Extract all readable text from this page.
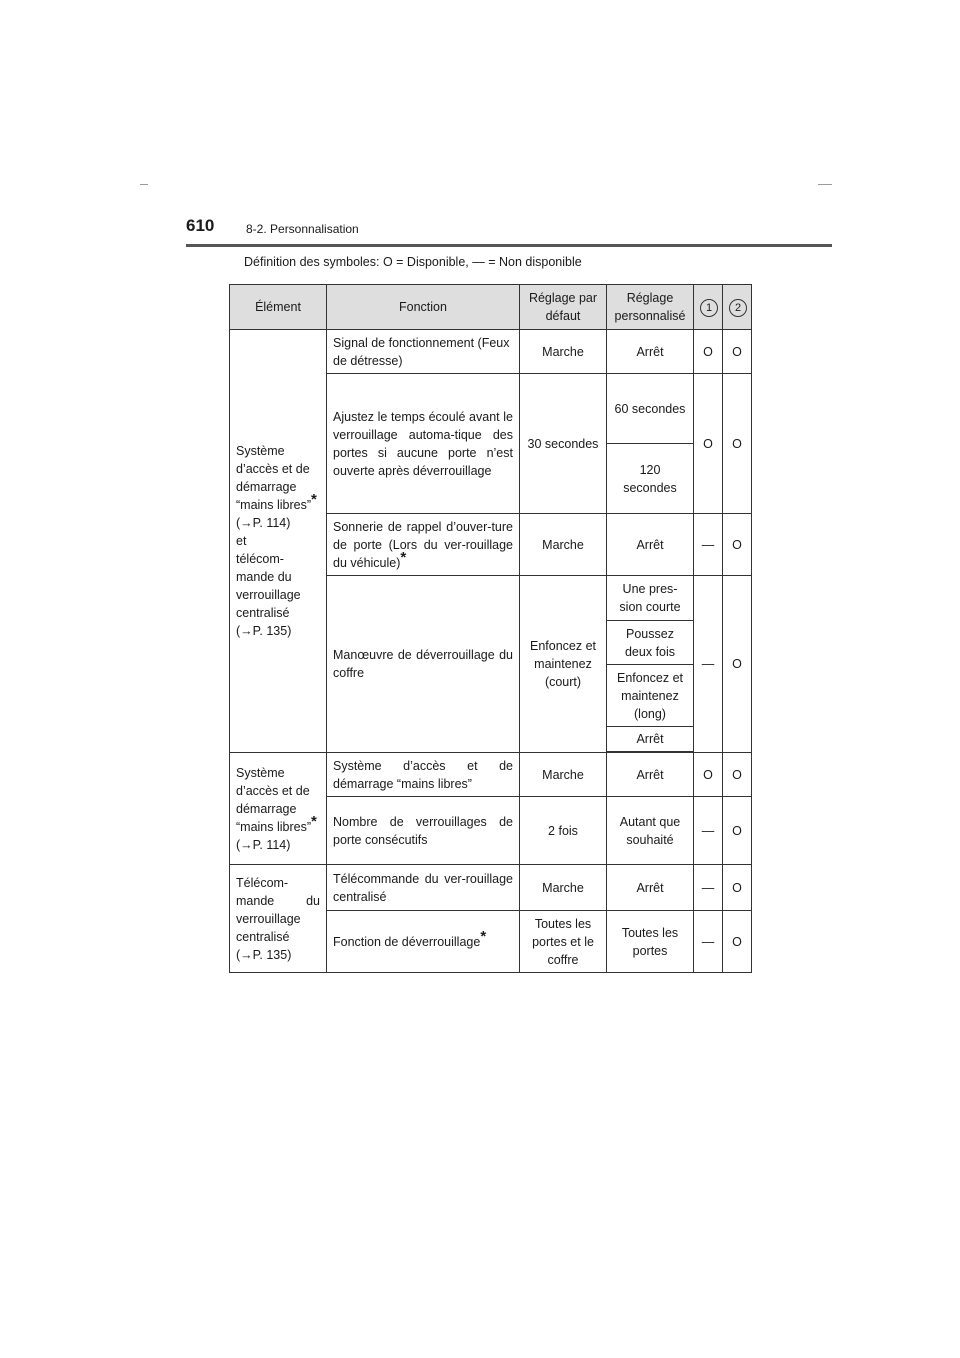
610	8-2. Personnalisation
Définition des symboles: O = Disponible, — = Non disponible
Élément	Fonction	Réglage par défaut	Réglage personnalisé	1	2
Système d’accès et de démarrage “mains libres”*
(→P. 114)
et
télécom-mande du verrouillage centralisé
(→P. 135)	Signal de fonctionnement (Feux de détresse)	Marche	Arrêt	O	O
	Ajustez le temps écoulé avant le verrouillage automa-tique des portes si aucune porte n’est ouverte après déverrouillage	30 secondes	60 secondes	O	O
			120 secondes		
	Sonnerie de rappel d’ouver-ture de porte (Lors du ver-rouillage du véhicule)*	Marche	Arrêt	—	O
	Manœuvre de déverrouillage du coffre	Enfoncez et maintenez (court)	Une pres-sion courte	—	O
			Poussez deux fois		
			Enfoncez et maintenez (long)		
			Arrêt		

Système d’accès et de démarrage “mains libres”*
(→P. 114)	Système d’accès et de démarrage “mains libres”	Marche	Arrêt	O	O
	Nombre de verrouillages de porte consécutifs	2 fois	Autant que souhaité	—	O
Télécom-mande du verrouillage centralisé
(→P. 135)	Télécommande du ver-rouillage centralisé	Marche	Arrêt	—	O
	Fonction de déverrouillage*	Toutes les portes et le coffre	Toutes les portes	—	O
